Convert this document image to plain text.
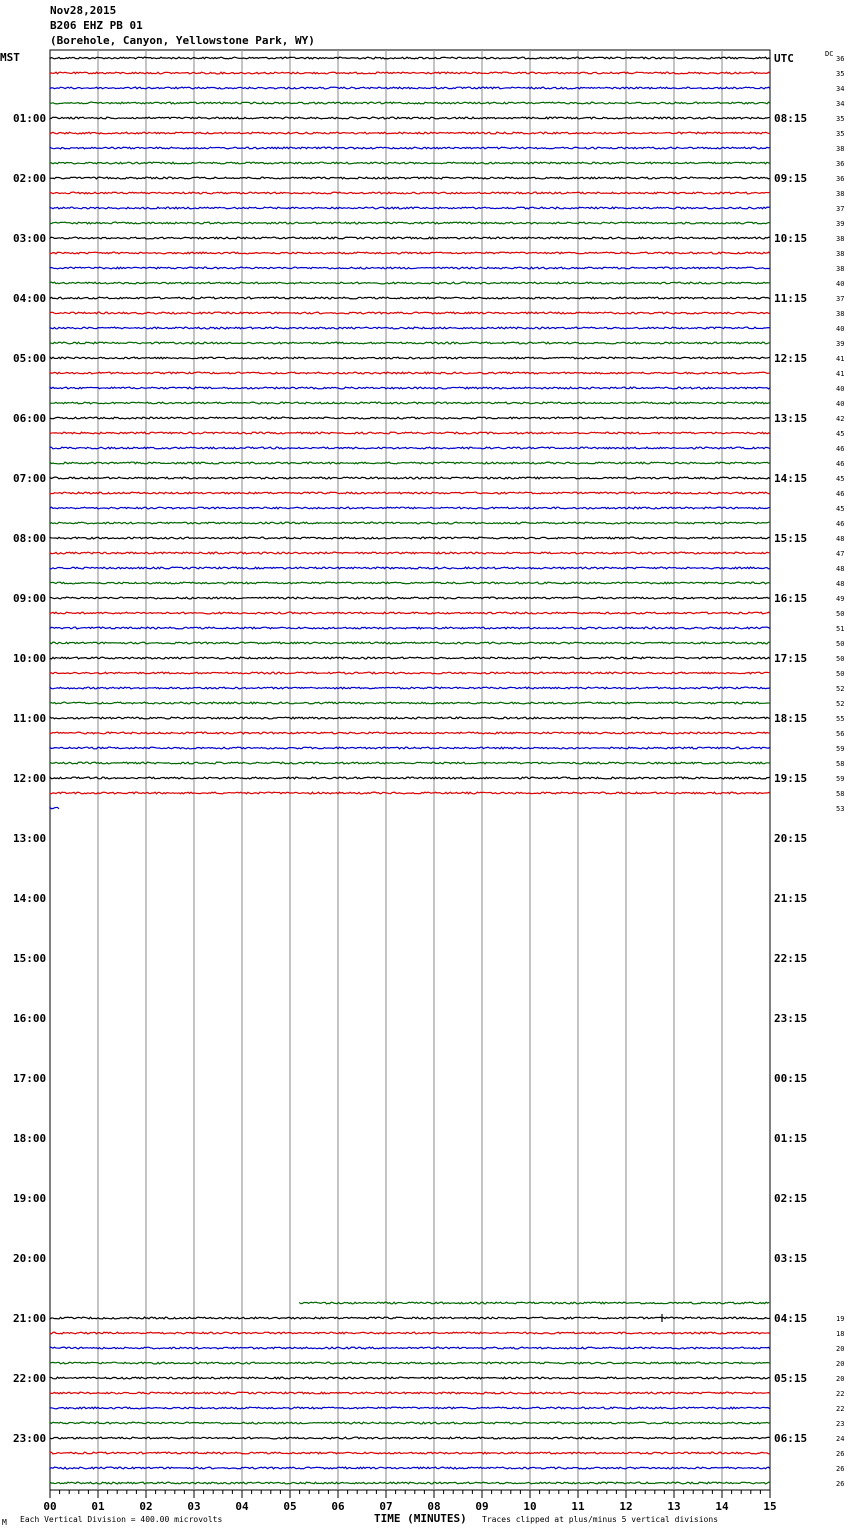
Nov28,2015
B206 EHZ PB 01
(Borehole, Canyon, Yellowstone Park, WY)
MST	DC
00	01	02	03	04	05	06	07	08	09	10	11	12	13	14	15
UTC
01:00	08:15
02:00	09:15
03:00	10:15
04:00	11:15
05:00	12:15
06:00	13:15
07:00	14:15
08:00	15:15
09:00	16:15
10:00	17:15
11:00	18:15
12:00	19:15
13:00	20:15
14:00	21:15
15:00	22:15
16:00	23:15
17:00	00:15
18:00	01:15
19:00	02:15
20:00	03:15
21:00	04:15
22:00	05:15
23:00	06:15
36
35
34
34
35
35
38
36
36
38
37
39
38
38
38
40
37
38
40
39
41
41
40
40
42
45
46
46
45
46
45
46
48
47
48
48
49
50
51
50
50
50
52
52
55
56
59
58
59
58
53
19
18
20
20
20
22
22
23
24
26
26
26
M Each Vertical Division = 400.00 microvolts	TIME (MINUTES) Traces clipped at plus/minus 5 vertical divisions
